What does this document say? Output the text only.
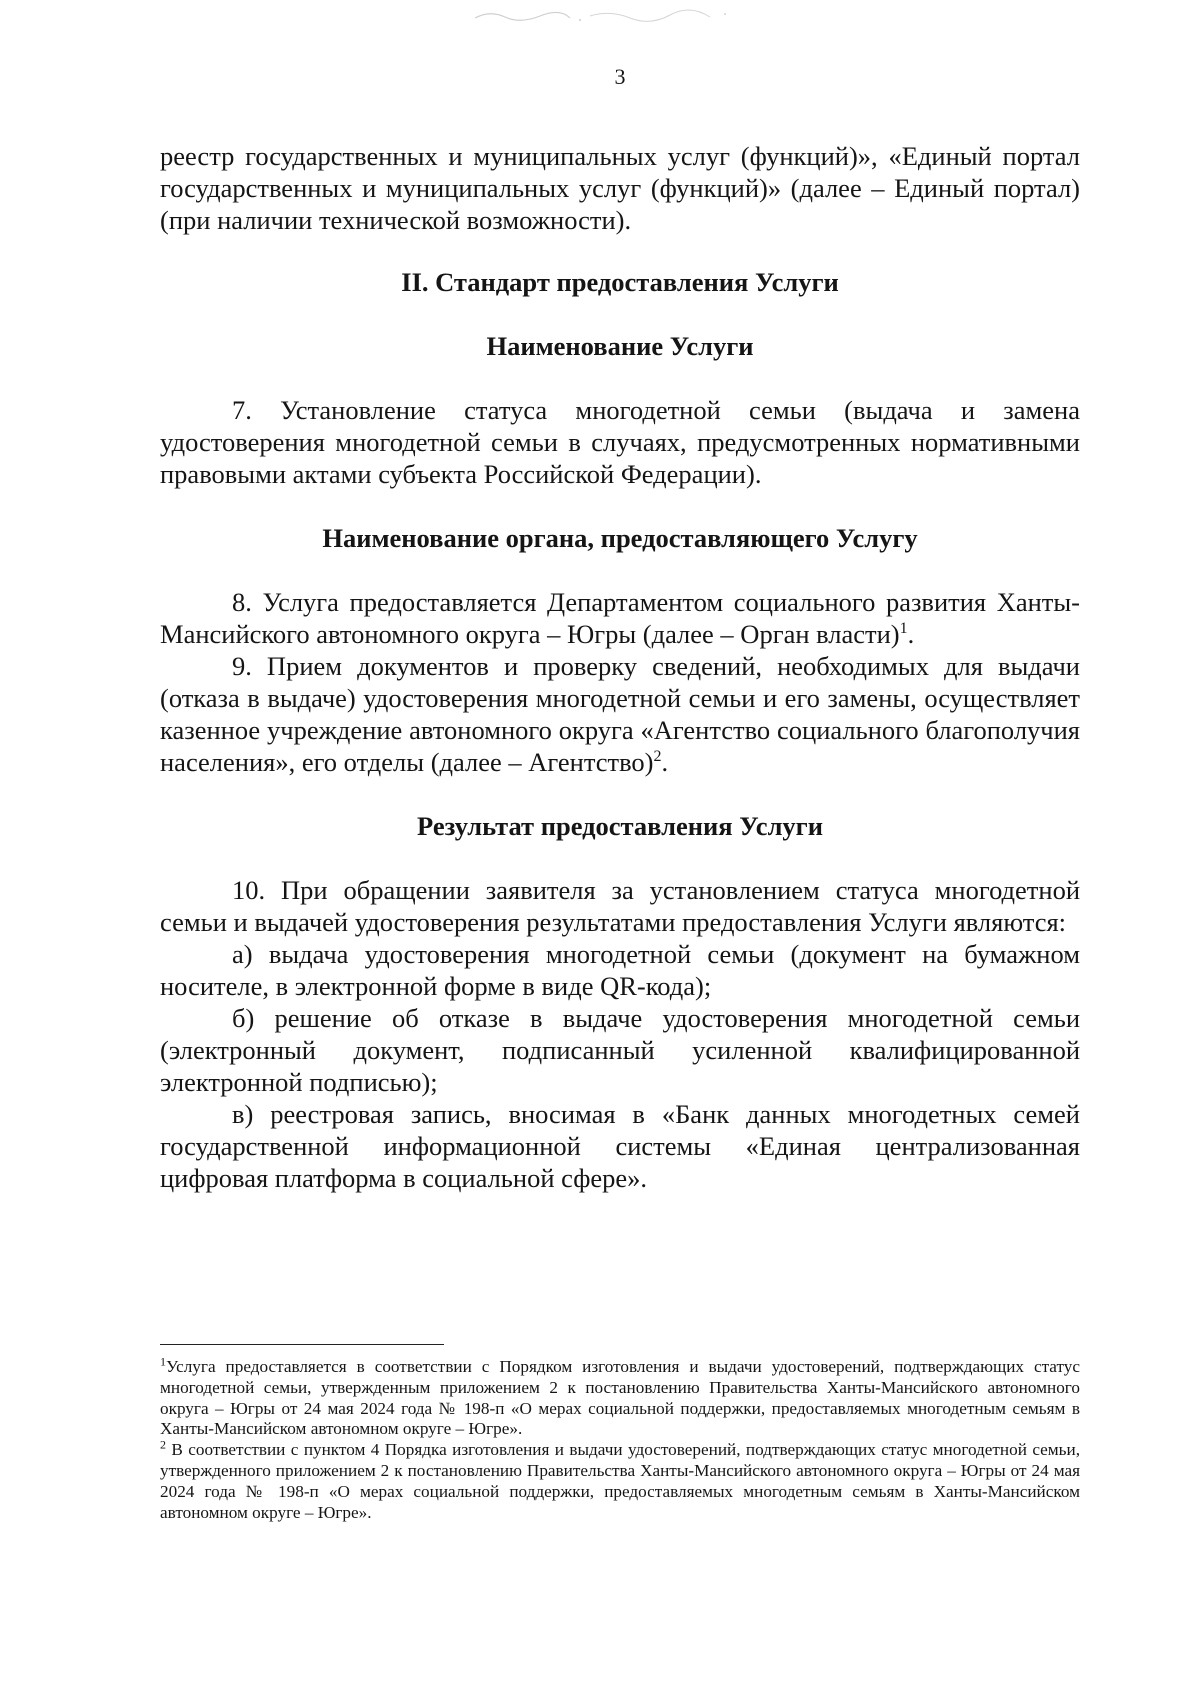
3

реестр государственных и муниципальных услуг (функций)», «Единый портал государственных и муниципальных услуг (функций)» (далее – Единый портал) (при наличии технической возможности).

II. Стандарт предоставления Услуги
Наименование Услуги

7. Установление статуса многодетной семьи (выдача и замена удостоверения многодетной семьи в случаях, предусмотренных нормативными правовыми актами субъекта Российской Федерации).

Наименование органа, предоставляющего Услугу

8. Услуга предоставляется Департаментом социального развития Ханты-Мансийского автономного округа – Югры (далее – Орган власти)$^1$.

9. Прием документов и проверку сведений, необходимых для выдачи (отказа в выдаче) удостоверения многодетной семьи и его замены, осуществляет казенное учреждение автономного округа «Агентство социального благополучия населения», его отделы (далее – Агентство)$^2$.

Результат предоставления Услуги

10. При обращении заявителя за установлением статуса многодетной семьи и выдачей удостоверения результатами предоставления Услуги являются:

а) выдача удостоверения многодетной семьи (документ на бумажном носителе, в электронной форме в виде QR-кода);

б) решение об отказе в выдаче удостоверения многодетной семьи (электронный документ, подписанный усиленной квалифицированной электронной подписью);

в) реестровая запись, вносимая в «Банк данных многодетных семей государственной информационной системы «Единая централизованная цифровая платформа в социальной сфере».

$^1$Услуга предоставляется в соответствии с Порядком изготовления и выдачи удостоверений, подтверждающих статус многодетной семьи, утвержденным приложением 2 к постановлению Правительства Ханты-Мансийского автономного округа – Югры от 24 мая 2024 года № 198-п «О мерах социальной поддержки, предоставляемых многодетным семьям в Ханты-Мансийском автономном округе – Югре».

$^2$ В соответствии с пунктом 4 Порядка изготовления и выдачи удостоверений, подтверждающих статус многодетной семьи, утвержденного приложением 2 к постановлению Правительства Ханты-Мансийского автономного округа – Югры от 24 мая 2024 года № 198-п «О мерах социальной поддержки, предоставляемых многодетным семьям в Ханты-Мансийском автономном округе – Югре».
